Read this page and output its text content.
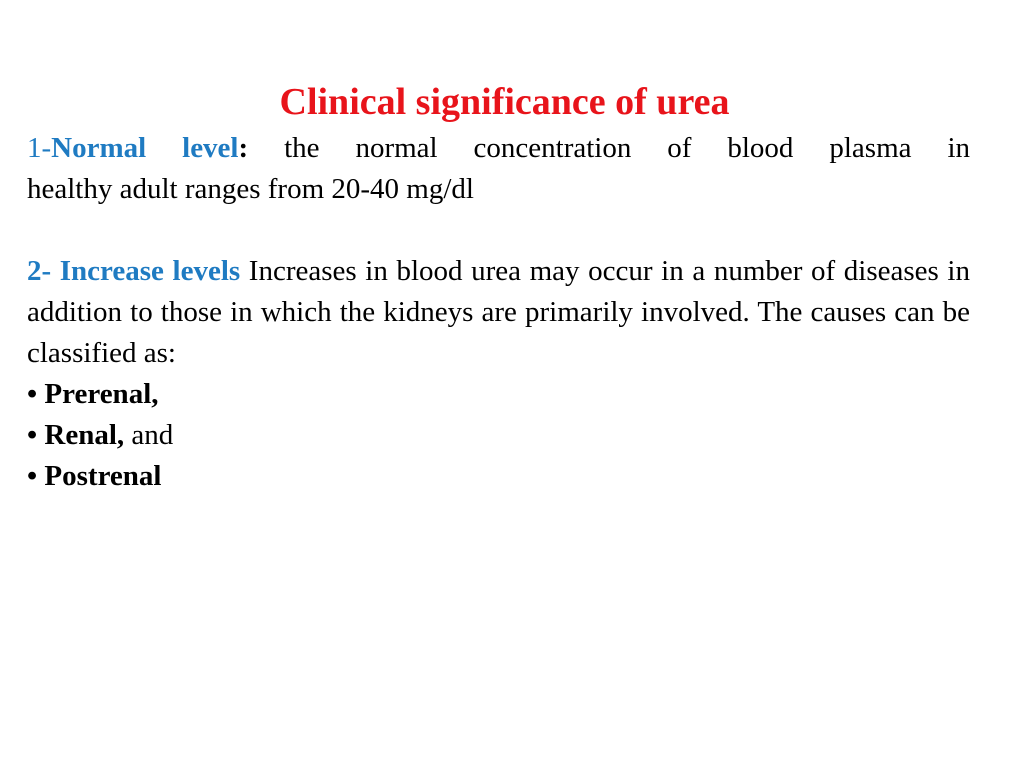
Clinical significance of urea

1-Normal level: the normal concentration of blood plasma in

healthy adult ranges from 20-40 mg/dl

2- Increase levels Increases in blood urea may occur in a number of diseases in addition to those in which the kidneys are primarily involved. The causes can be classified as:

• Prerenal,

• Renal, and

• Postrenal
